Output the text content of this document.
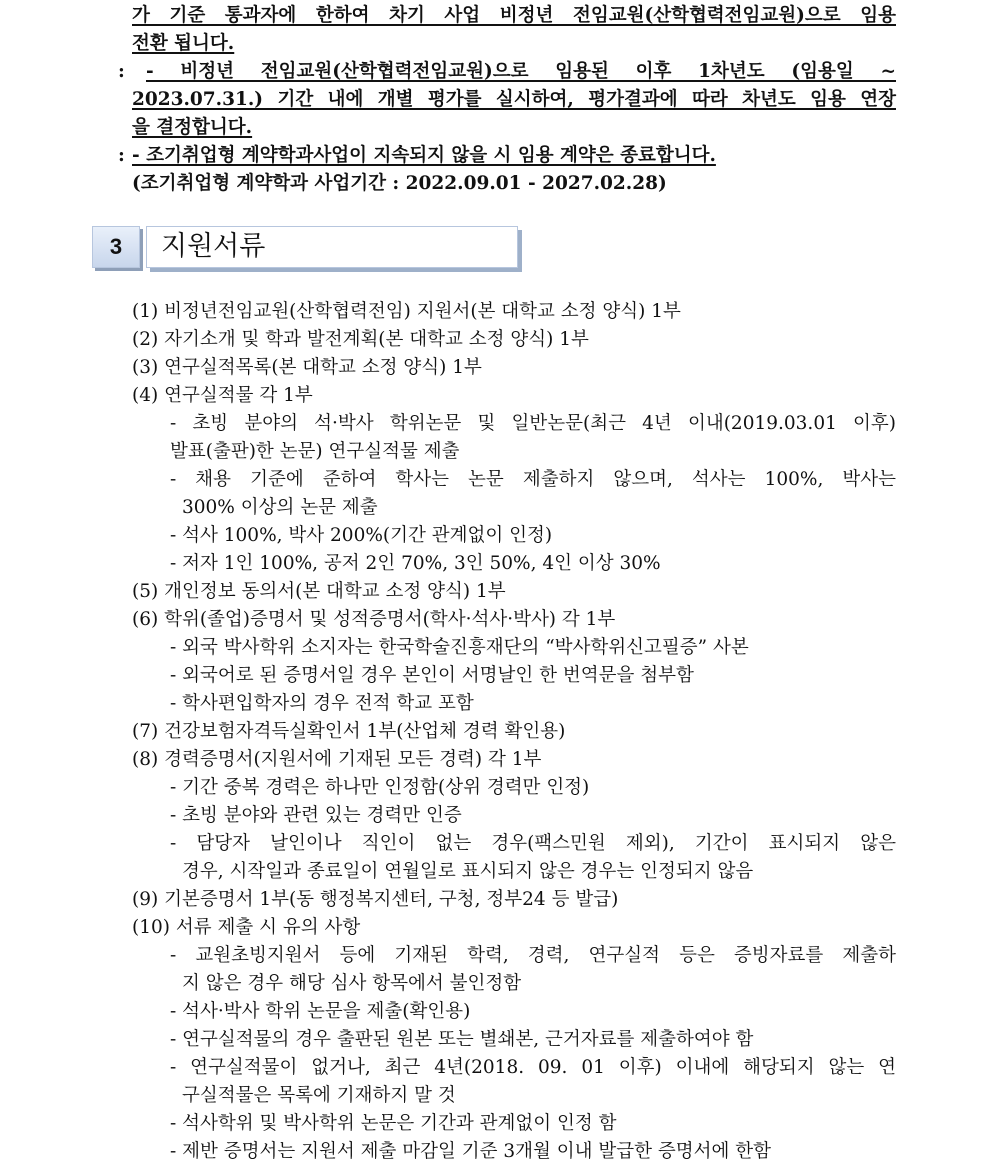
가 기준 통과자에 한하여 차기 사업 비정년 전임교원(산학협력전임교원)으로 임용
전환 됩니다.
: - 비정년 전임교원(산학협력전임교원)으로 임용된 이후 1차년도 (임용일 ~
2023.07.31.) 기간 내에 개별 평가를 실시하여, 평가결과에 따라 차년도 임용 연장
을 결정합니다.
: - 조기취업형 계약학과사업이 지속되지 않을 시 임용 계약은 종료합니다.
(조기취업형 계약학과 사업기간 : 2022.09.01 - 2027.02.28)
3	지원서류
(1) 비정년전임교원(산학협력전임) 지원서(본 대학교 소정 양식) 1부
(2) 자기소개 및 학과 발전계획(본 대학교 소정 양식) 1부
(3) 연구실적목록(본 대학교 소정 양식) 1부
(4) 연구실적물 각 1부
- 초빙 분야의 석·박사 학위논문 및 일반논문(최근 4년 이내(2019.03.01 이후)
발표(출판)한 논문) 연구실적물 제출
- 채용 기준에 준하여 학사는 논문 제출하지 않으며, 석사는 100%, 박사는
300% 이상의 논문 제출
- 석사 100%, 박사 200%(기간 관계없이 인정)
- 저자 1인 100%, 공저 2인 70%, 3인 50%, 4인 이상 30%
(5) 개인정보 동의서(본 대학교 소정 양식) 1부
(6) 학위(졸업)증명서 및 성적증명서(학사·석사·박사) 각 1부
- 외국 박사학위 소지자는 한국학술진흥재단의 “박사학위신고필증” 사본
- 외국어로 된 증명서일 경우 본인이 서명날인 한 번역문을 첨부함
- 학사편입학자의 경우 전적 학교 포함
(7) 건강보험자격득실확인서 1부(산업체 경력 확인용)
(8) 경력증명서(지원서에 기재된 모든 경력) 각 1부
- 기간 중복 경력은 하나만 인정함(상위 경력만 인정)
- 초빙 분야와 관련 있는 경력만 인증
- 담당자 날인이나 직인이 없는 경우(팩스민원 제외), 기간이 표시되지 않은
경우, 시작일과 종료일이 연월일로 표시되지 않은 경우는 인정되지 않음
(9) 기본증명서 1부(동 행정복지센터, 구청, 정부24 등 발급)
(10) 서류 제출 시 유의 사항
- 교원초빙지원서 등에 기재된 학력, 경력, 연구실적 등은 증빙자료를 제출하
지 않은 경우 해당 심사 항목에서 불인정함
- 석사·박사 학위 논문을 제출(확인용)
- 연구실적물의 경우 출판된 원본 또는 별쇄본, 근거자료를 제출하여야 함
- 연구실적물이 없거나, 최근 4년(2018. 09. 01 이후) 이내에 해당되지 않는 연
구실적물은 목록에 기재하지 말 것
- 석사학위 및 박사학위 논문은 기간과 관계없이 인정 함
- 제반 증명서는 지원서 제출 마감일 기준 3개월 이내 발급한 증명서에 한함
